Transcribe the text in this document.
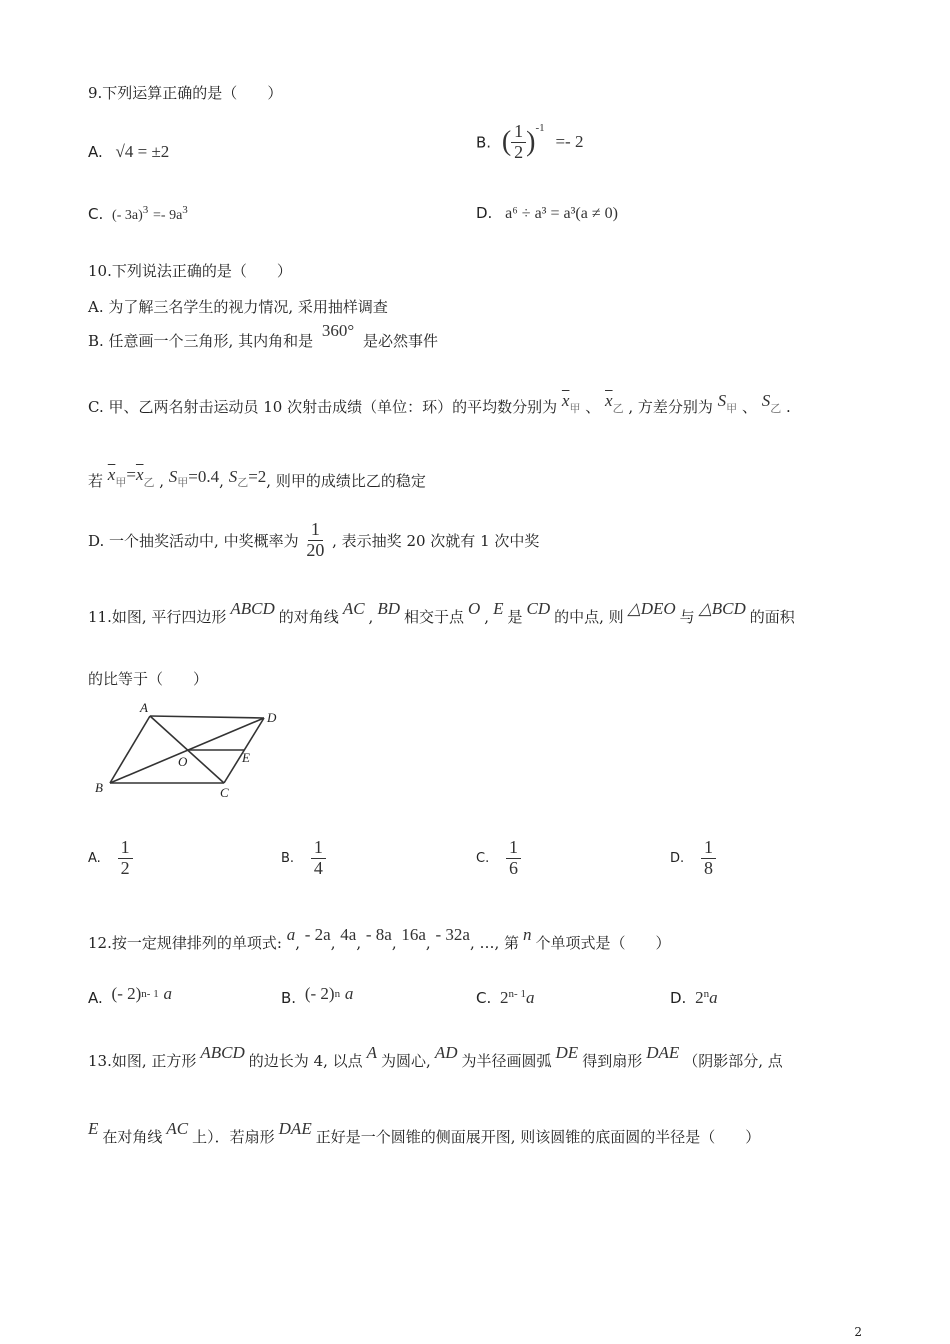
9.下列运算正确的是（　　）
A. √4 = ±2	B. ( $\frac{1}{2} )^{-1} =- 2$
C. (- $3a)^3 =- 9a^3$	D. a⁶ ÷ a³ = a³(a ≠ 0)
10.下列说法正确的是（　　）
A. 为了解三名学生的视力情况, 采用抽样调查
B. 任意画一个三角形, 其内角和是 360° 是必然事件
C. 甲、乙两名射击运动员 10 次射击成绩（单位：环）的平均数分别为 $\overline{x}$甲 、 $\overline{x}$乙 , 方差分别为 S甲 、 S乙 .
若 $\overline{x}$甲$=\overline{x}$乙 , S甲=0.4, S乙=2, 则甲的成绩比乙的稳定
D. 一个抽奖活动中, 中奖概率为 $\frac{1}{20}$ , 表示抽奖 20 次就有 1 次中奖
11.如图, 平行四边形 ABCD 的对角线 AC , BD 相交于点 O , E 是 CD 的中点, 则 △DEO 与 △BCD 的面积
的比等于（　　）
A
D
B	C
O	E
A. $\frac{1}{2}$	B. $\frac{1}{4}$	C. $\frac{1}{6}$	D. $\frac{1}{8}$
12.按一定规律排列的单项式: a, - 2a, 4a, - 8a, 16a, - 32a, …, 第 n 个单项式是（　　）
A. (- 2)$^{n- 1}$ a	B. (- 2)$^n$ a	C. 2$^{n- 1}$a	D. 2$^n$a
13.如图, 正方形 ABCD 的边长为 4, 以点 A 为圆心, AD 为半径画圆弧 DE 得到扇形 DAE （阴影部分, 点
E 在对角线 AC 上）．若扇形 DAE 正好是一个圆锥的侧面展开图, 则该圆锥的底面圆的半径是（　　）
2
